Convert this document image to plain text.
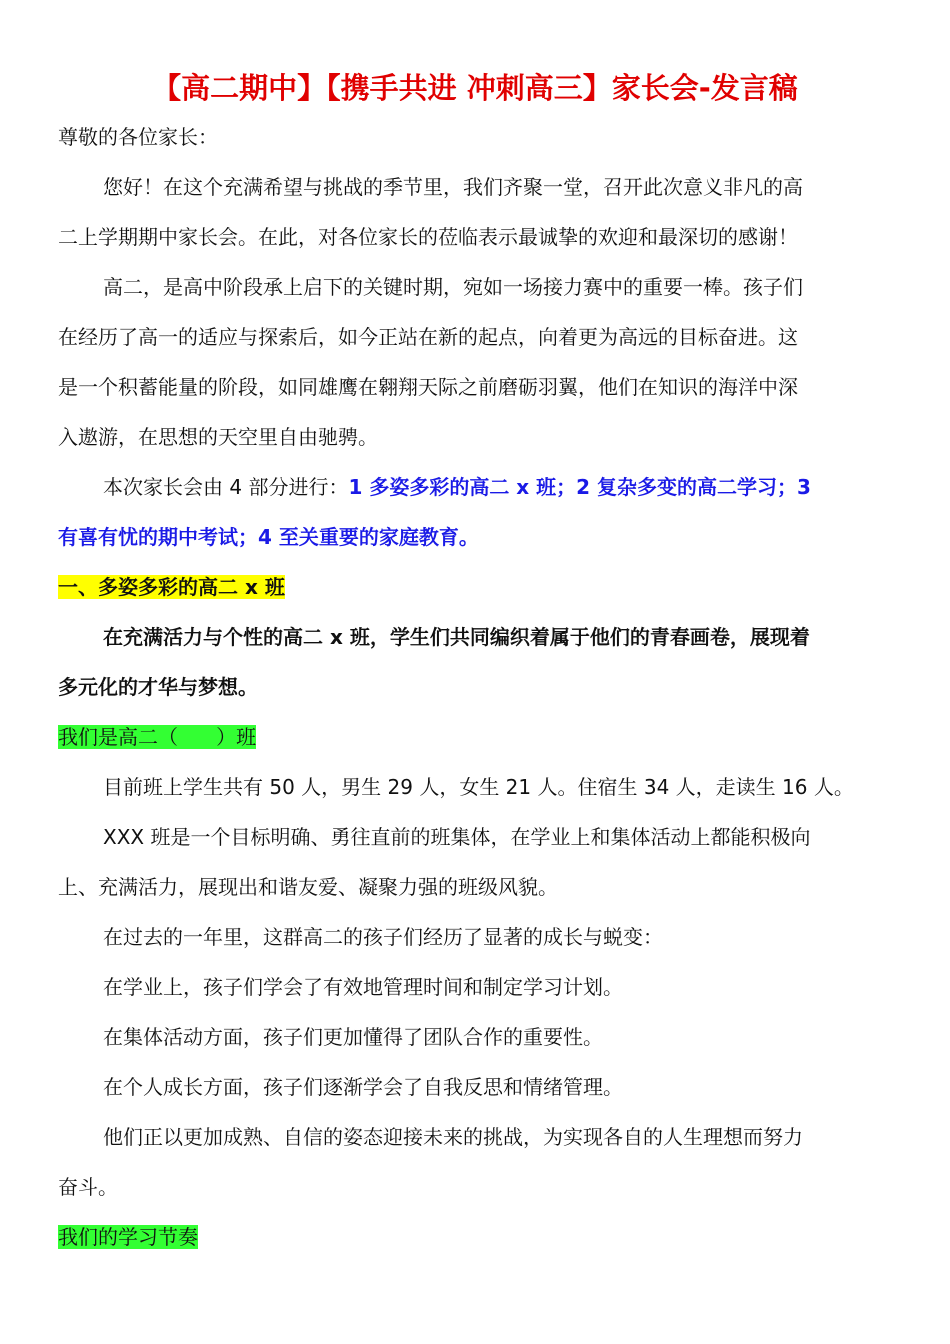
【高二期中】【携手共进 冲刺高三】家长会-发言稿
尊敬的各位家长：
您好！在这个充满希望与挑战的季节里，我们齐聚一堂，召开此次意义非凡的高
二上学期期中家长会。在此，对各位家长的莅临表示最诚挚的欢迎和最深切的感谢！
高二，是高中阶段承上启下的关键时期，宛如一场接力赛中的重要一棒。孩子们
在经历了高一的适应与探索后，如今正站在新的起点，向着更为高远的目标奋进。这
是一个积蓄能量的阶段，如同雄鹰在翱翔天际之前磨砺羽翼，他们在知识的海洋中深
入遨游，在思想的天空里自由驰骋。
本次家长会由 4 部分进行：1 多姿多彩的高二 x 班；2 复杂多变的高二学习；3
有喜有忧的期中考试；4 至关重要的家庭教育。
一、多姿多彩的高二 x 班
在充满活力与个性的高二 x 班，学生们共同编织着属于他们的青春画卷，展现着
多元化的才华与梦想。
我们是高二（      ）班
目前班上学生共有 50 人，男生 29 人，女生 21 人。住宿生 34 人，走读生 16 人。
XXX 班是一个目标明确、勇往直前的班集体，在学业上和集体活动上都能积极向
上、充满活力，展现出和谐友爱、凝聚力强的班级风貌。
在过去的一年里，这群高二的孩子们经历了显著的成长与蜕变：
在学业上，孩子们学会了有效地管理时间和制定学习计划。
在集体活动方面，孩子们更加懂得了团队合作的重要性。
在个人成长方面，孩子们逐渐学会了自我反思和情绪管理。
他们正以更加成熟、自信的姿态迎接未来的挑战，为实现各自的人生理想而努力
奋斗。
我们的学习节奏
